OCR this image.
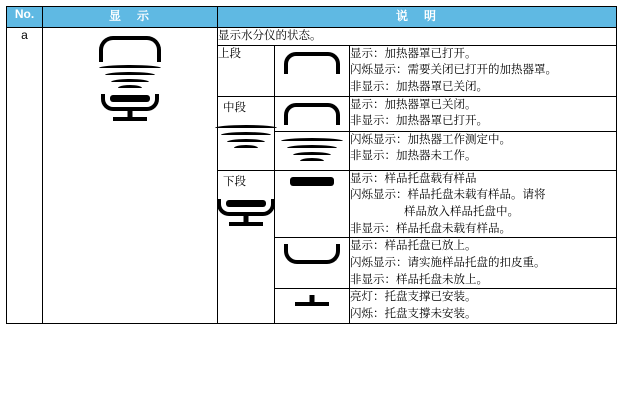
No.	显　示	说　明		
a		显示水分仪的状态。		
		上段		显示：加热器罩已打开。
闪烁显示：需要关闭已打开的加热器罩。
非显示：加热器罩已关闭。

		中段		显示：加热器罩已关闭。
非显示：加热器罩已打开。

				闪烁显示：加热器工作测定中。
非显示：加热器未工作。

		下段		显示：样品托盘载有样品
闪烁显示：样品托盘未载有样品。请将
样品放入样品托盘中。
非显示：样品托盘未载有样品。

				显示：样品托盘已放上。
闪烁显示：请实施样品托盘的扣皮重。
非显示：样品托盘未放上。

				亮灯：托盘支撑已安装。
闪烁：托盘支撐未安装。
